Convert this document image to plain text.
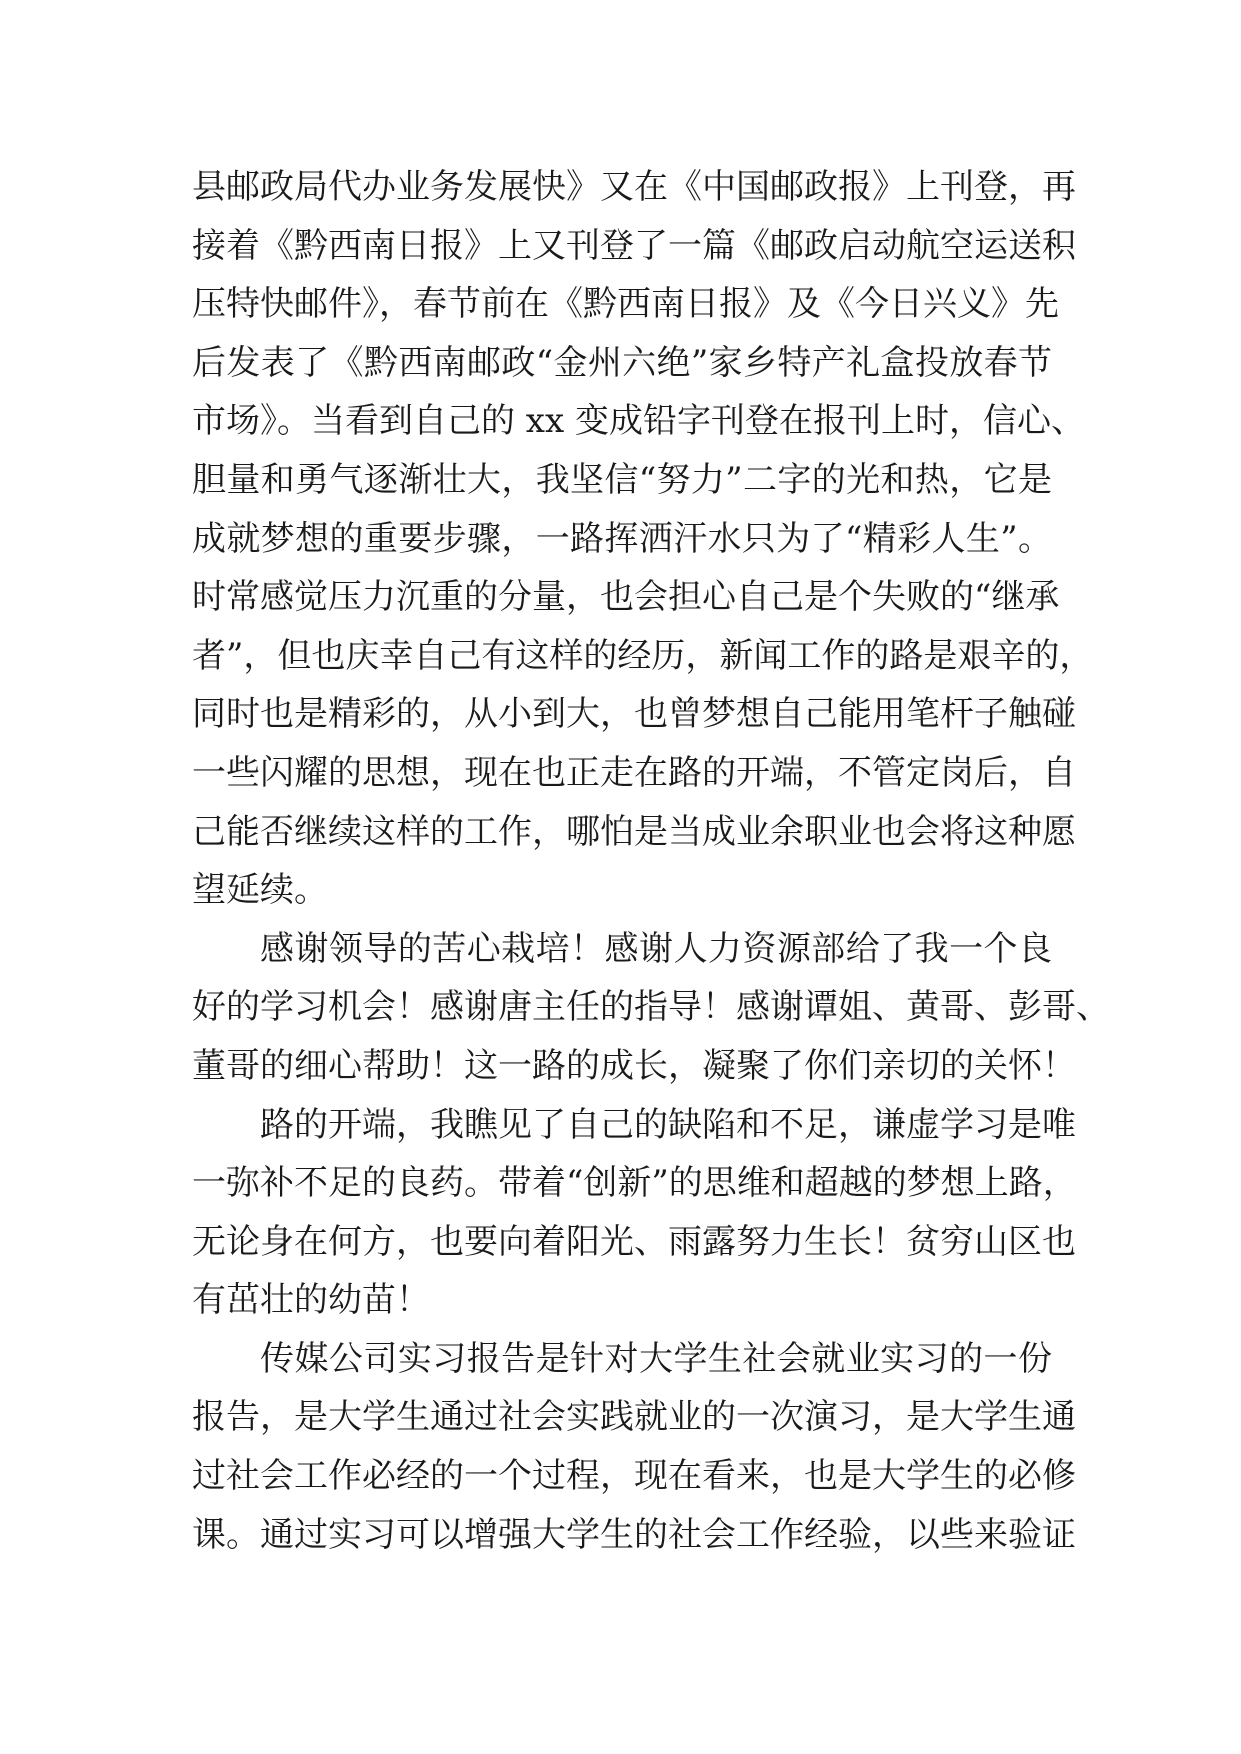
县邮政局代办业务发展快》又在《中国邮政报》上刊登，再
接着《黔西南日报》上又刊登了一篇《邮政启动航空运送积
压特快邮件》，春节前在《黔西南日报》及《今日兴义》先
后发表了《黔西南邮政“金州六绝”家乡特产礼盒投放春节
市场》。当看到自己的 xx 变成铅字刊登在报刊上时，信心、
胆量和勇气逐渐壮大，我坚信“努力”二字的光和热，它是
成就梦想的重要步骤，一路挥洒汗水只为了“精彩人生”。
时常感觉压力沉重的分量，也会担心自己是个失败的“继承
者”，但也庆幸自己有这样的经历，新闻工作的路是艰辛的，
同时也是精彩的，从小到大，也曾梦想自己能用笔杆子触碰
一些闪耀的思想，现在也正走在路的开端，不管定岗后，自
己能否继续这样的工作，哪怕是当成业余职业也会将这种愿
望延续。
感谢领导的苦心栽培！感谢人力资源部给了我一个良
好的学习机会！感谢唐主任的指导！感谢谭姐、黄哥、彭哥、
董哥的细心帮助！这一路的成长，凝聚了你们亲切的关怀！
路的开端，我瞧见了自己的缺陷和不足，谦虚学习是唯
一弥补不足的良药。带着“创新”的思维和超越的梦想上路，
无论身在何方，也要向着阳光、雨露努力生长！贫穷山区也
有茁壮的幼苗！
传媒公司实习报告是针对大学生社会就业实习的一份
报告，是大学生通过社会实践就业的一次演习，是大学生通
过社会工作必经的一个过程，现在看来，也是大学生的必修
课。通过实习可以增强大学生的社会工作经验，以些来验证
